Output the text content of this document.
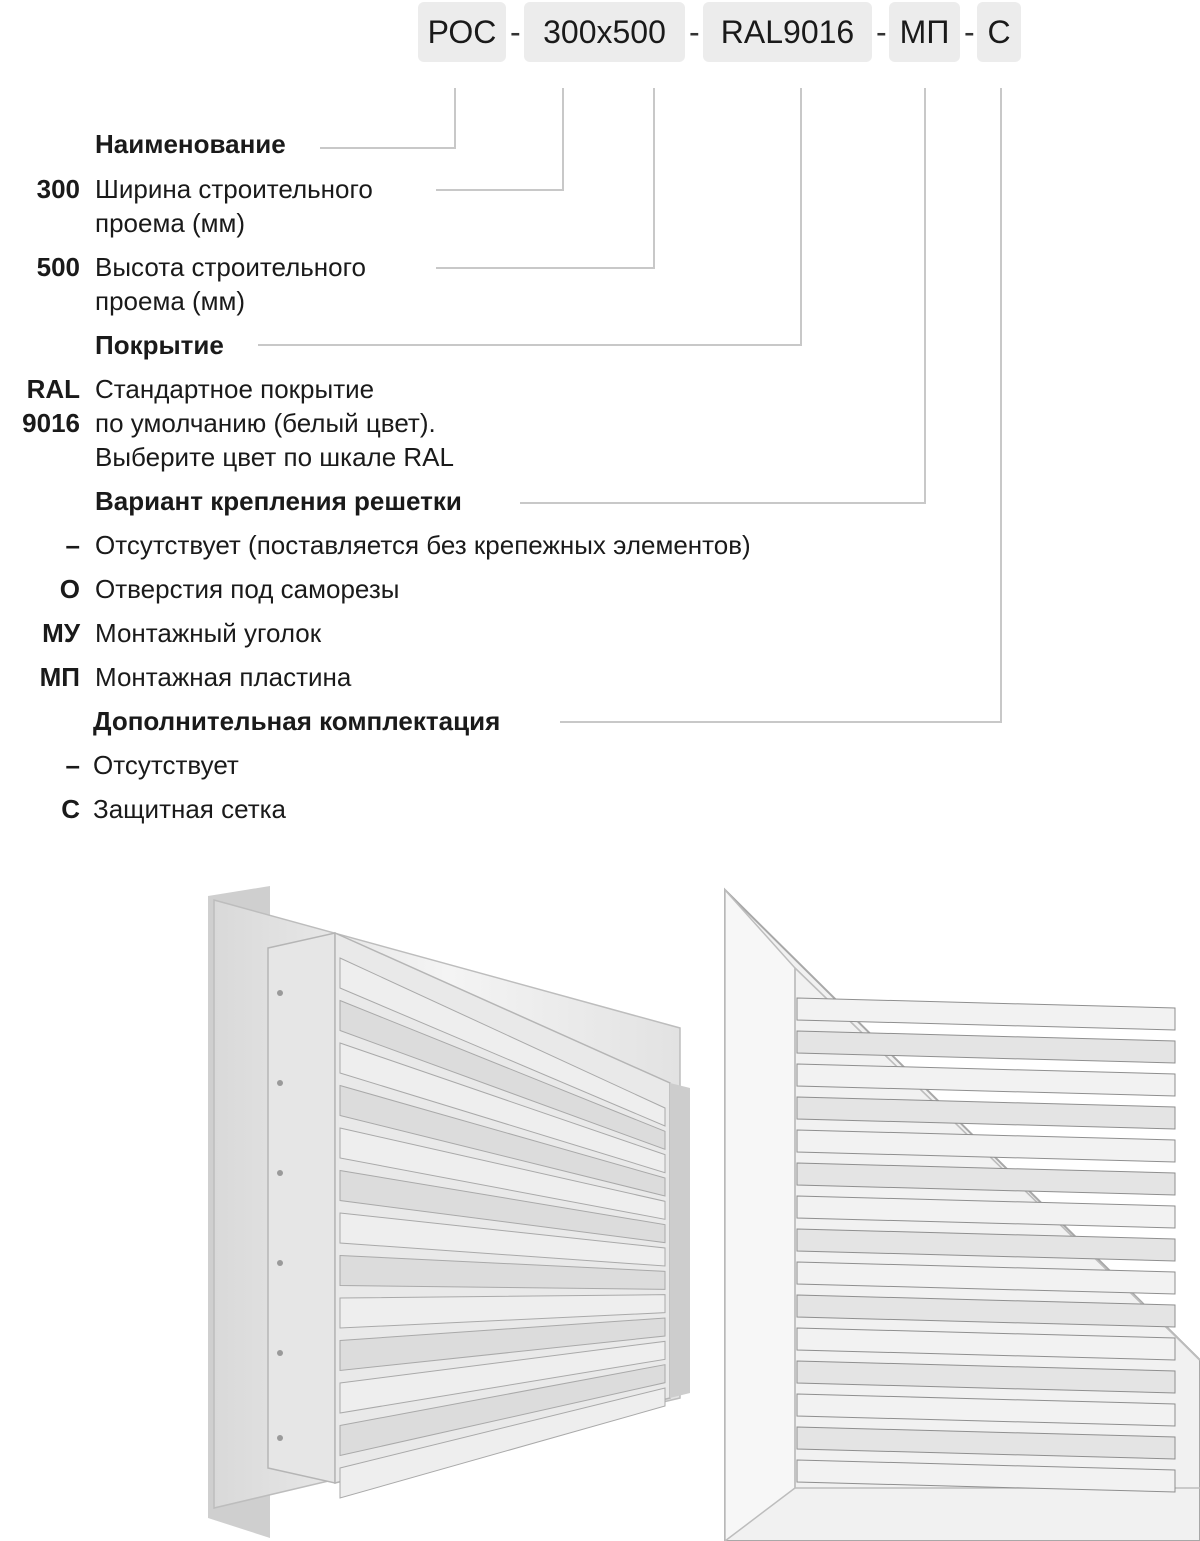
РОС - 300х500 - RAL9016 - МП - С
Наименование
300 Ширина строительного
проема (мм)
500 Высота строительного
проема (мм)
Покрытие
RAL
9016
Стандартное покрытие
по умолчанию (белый цвет).
Выберите цвет по шкале RAL
Вариант крепления решетки
– Отсутствует (поставляется без крепежных элементов)
О Отверстия под саморезы
МУ Монтажный уголок
МП Монтажная пластина
Дополнительная комплектация
– Отсутствует
С Защитная сетка
